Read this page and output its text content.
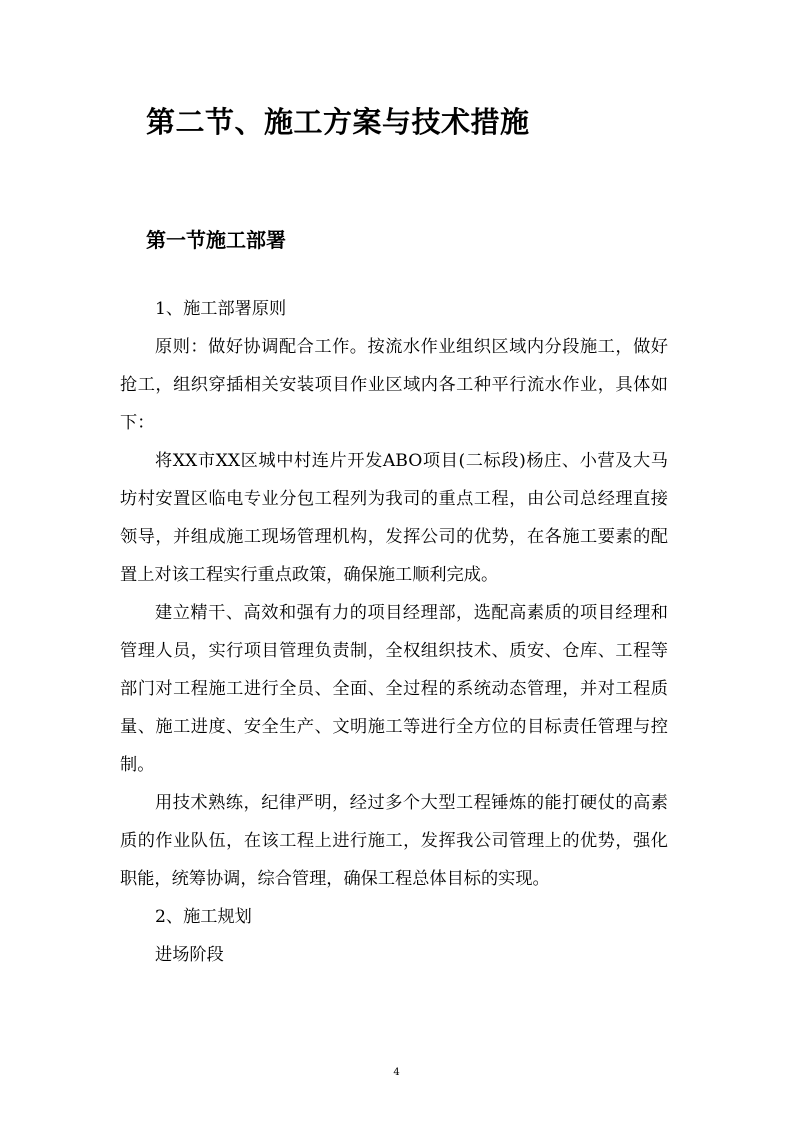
第二节、施工方案与技术措施
第一节施工部署

1、施工部署原则

原则：做好协调配合工作。按流水作业组织区域内分段施工，做好抢工，组织穿插相关安装项目作业区域内各工种平行流水作业，具体如下：

将XX市XX区城中村连片开发ABO项目(二标段)杨庄、小营及大马坊村安置区临电专业分包工程列为我司的重点工程，由公司总经理直接领导，并组成施工现场管理机构，发挥公司的优势，在各施工要素的配置上对该工程实行重点政策，确保施工顺利完成。

建立精干、高效和强有力的项目经理部，选配高素质的项目经理和管理人员，实行项目管理负责制，全权组织技术、质安、仓库、工程等部门对工程施工进行全员、全面、全过程的系统动态管理，并对工程质量、施工进度、安全生产、文明施工等进行全方位的目标责任管理与控制。

用技术熟练，纪律严明，经过多个大型工程锤炼的能打硬仗的高素质的作业队伍，在该工程上进行施工，发挥我公司管理上的优势，强化职能，统筹协调，综合管理，确保工程总体目标的实现。

2、施工规划

进场阶段

4
